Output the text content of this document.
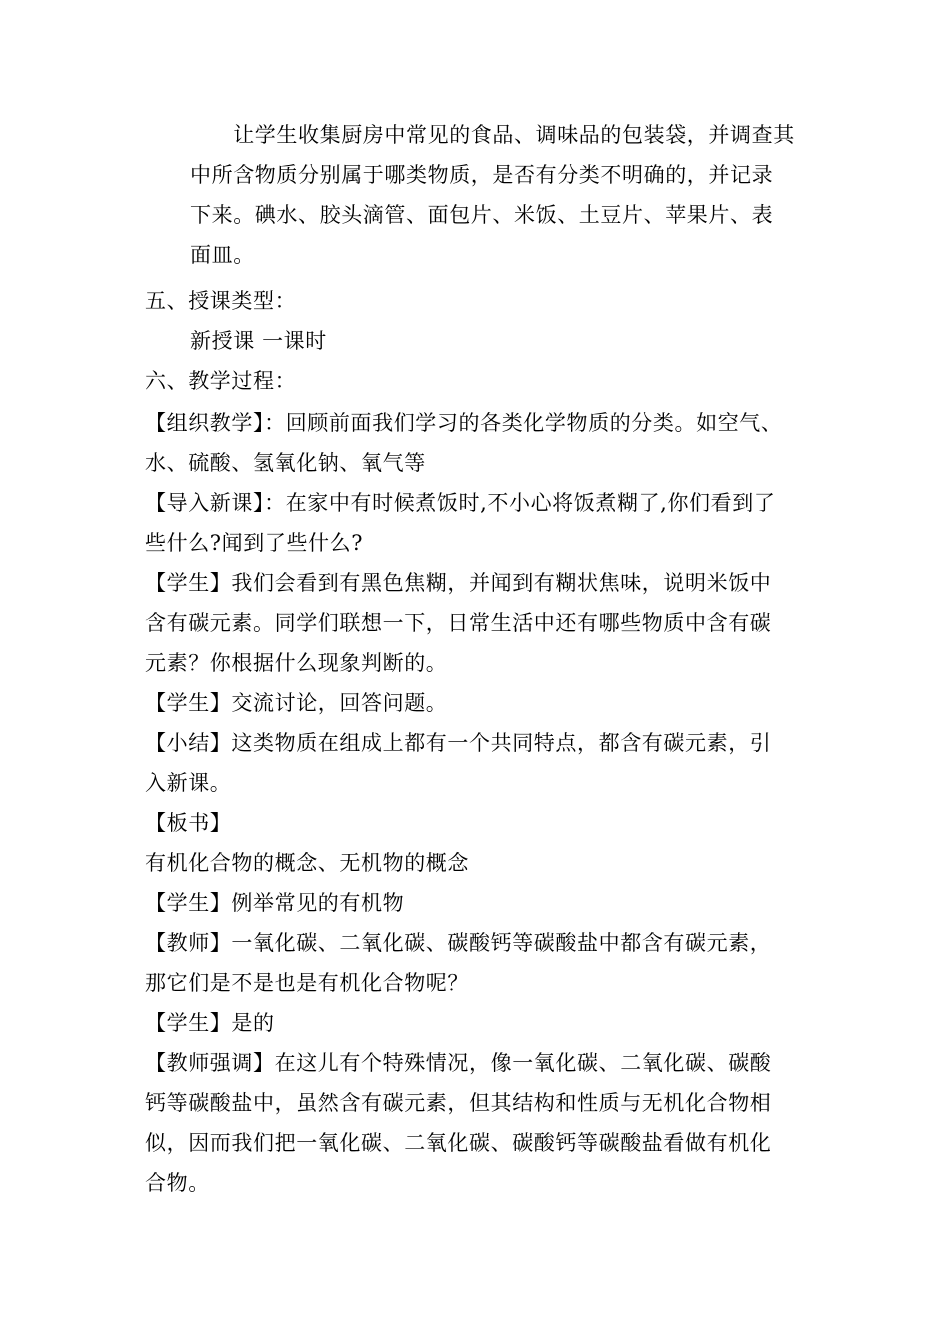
　　让学生收集厨房中常见的食品、调味品的包装袋，并调查其
中所含物质分别属于哪类物质，是否有分类不明确的，并记录
下来。碘水、胶头滴管、面包片、米饭、土豆片、苹果片、表
面皿。
五、授课类型：
新授课 一课时
六、教学过程：
【组织教学】：回顾前面我们学习的各类化学物质的分类。如空气、
水、硫酸、氢氧化钠、氧气等
【导入新课】：在家中有时候煮饭时,不小心将饭煮糊了,你们看到了
些什么?闻到了些什么?
【学生】我们会看到有黑色焦糊，并闻到有糊状焦味，说明米饭中
含有碳元素。同学们联想一下，日常生活中还有哪些物质中含有碳
元素？你根据什么现象判断的。
【学生】交流讨论，回答问题。
【小结】这类物质在组成上都有一个共同特点，都含有碳元素，引
入新课。
【板书】
有机化合物的概念、无机物的概念
【学生】例举常见的有机物
【教师】一氧化碳、二氧化碳、碳酸钙等碳酸盐中都含有碳元素，
那它们是不是也是有机化合物呢？
【学生】是的
【教师强调】在这儿有个特殊情况，像一氧化碳、二氧化碳、碳酸
钙等碳酸盐中，虽然含有碳元素，但其结构和性质与无机化合物相
似，因而我们把一氧化碳、二氧化碳、碳酸钙等碳酸盐看做有机化
合物。
